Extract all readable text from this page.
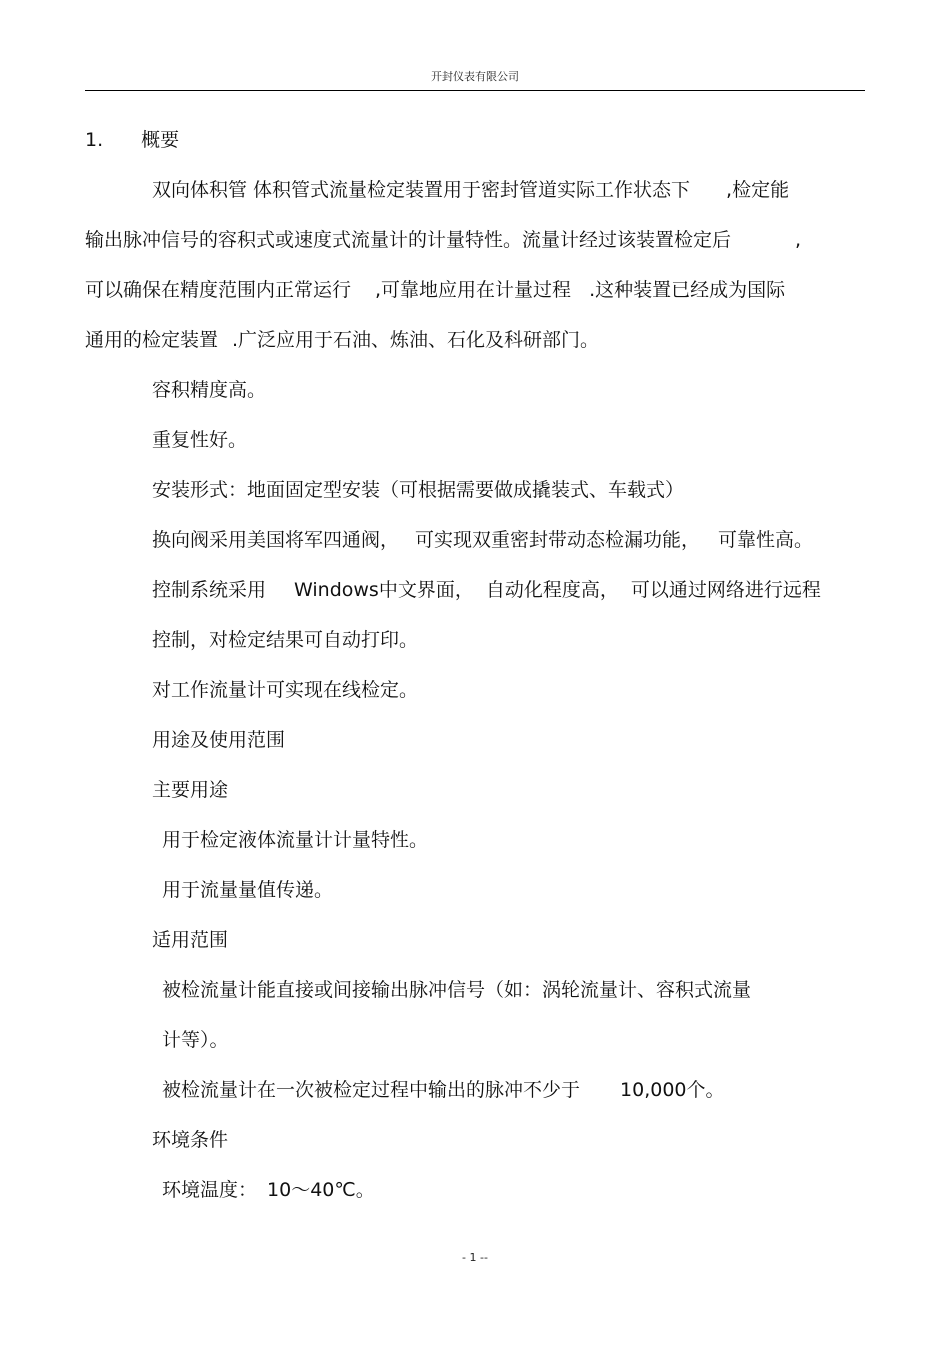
开封仪表有限公司
1. 概要
双向体积管 体积管式流量检定装置用于密封管道实际工作状态下 ,检定能
输出脉冲信号的容积式或速度式流量计的计量特性。流量计经过该装置检定后	,
可以确保在精度范围内正常运行 ,可靠地应用在计量过程 .这种装置已经成为国际
通用的检定装置 .广泛应用于石油、炼油、石化及科研部门。
容积精度高。
重复性好。
安装形式：地面固定型安装（可根据需要做成撬装式、车载式）
换向阀采用美国将军四通阀， 可实现双重密封带动态检漏功能， 可靠性高。
控制系统采用 Windows中文界面， 自动化程度高， 可以通过网络进行远程
控制，对检定结果可自动打印。
对工作流量计可实现在线检定。
用途及使用范围
主要用途
用于检定液体流量计计量特性。
用于流量量值传递。
适用范围
被检流量计能直接或间接输出脉冲信号（如：涡轮流量计、容积式流量
计等）。
被检流量计在一次被检定过程中输出的脉冲不少于 10,000个。
环境条件
环境温度： 10～40℃。
- 1 --
